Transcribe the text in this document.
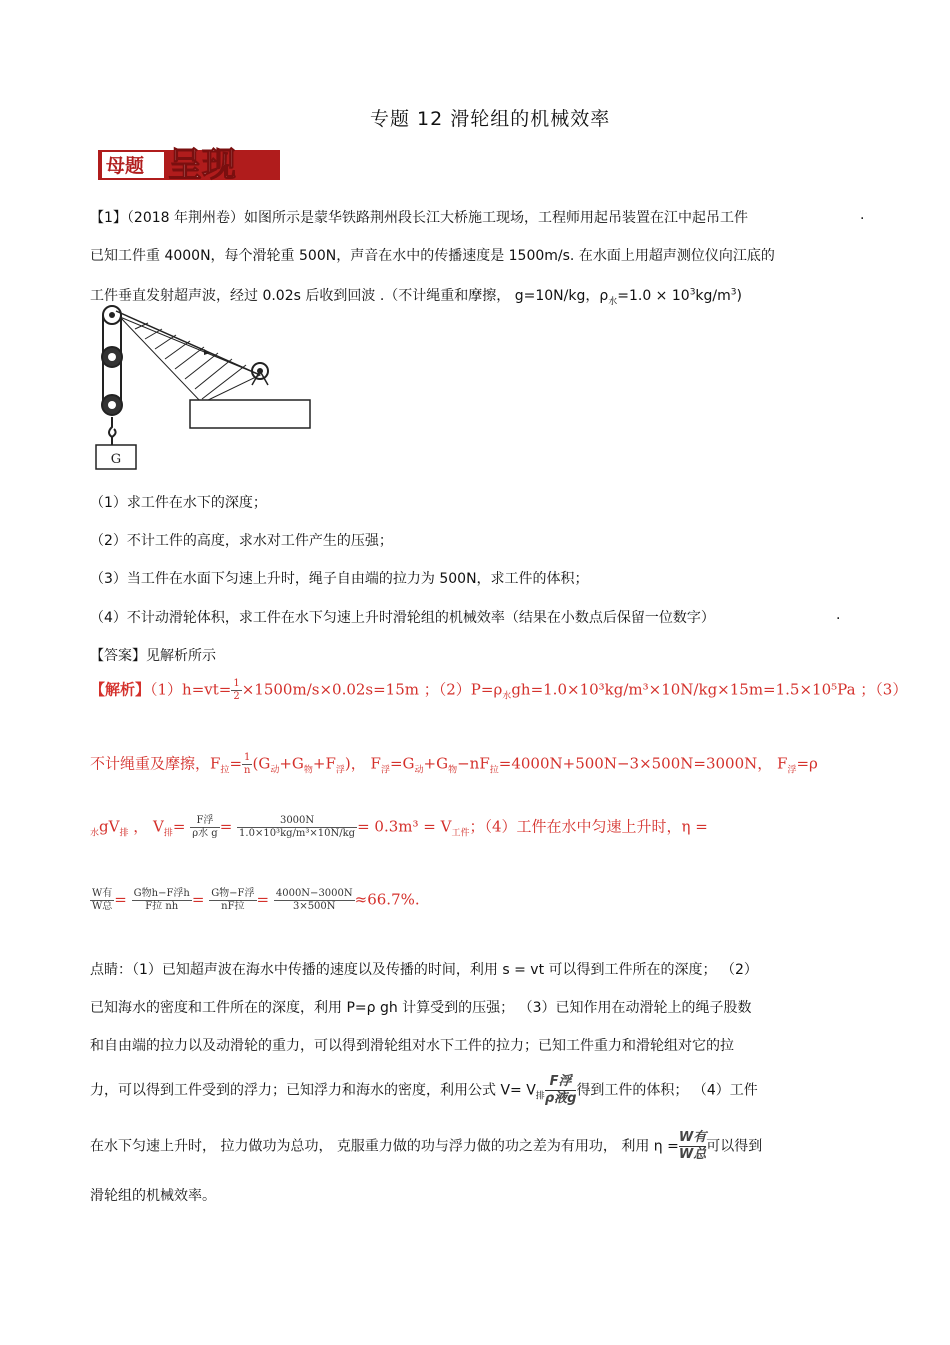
专题 12 滑轮组的机械效率
母题 呈现
【1】（2018 年荆州卷）如图所示是蒙华铁路荆州段长江大桥施工现场，工程师用起吊装置在江中起吊工件	.
已知工件重 4000N，每个滑轮重 500N，声音在水中的传播速度是 1500m/s. 在水面上用超声测位仪向江底的
工件垂直发射超声波，经过 0.02s 后收到回波 .（不计绳重和摩擦， g=10N/kg，$\rho_水=1.0 \times 10^3kg/m^3$)
G
（1）求工件在水下的深度；
（2）不计工件的高度，求水对工件产生的压强；
（3）当工件在水面下匀速上升时，绳子自由端的拉力为 500N，求工件的体积；
（4）不计动滑轮体积，求工件在水下匀速上升时滑轮组的机械效率（结果在小数点后保留一位数字）	.
【答案】见解析所示
【解析】$(1)h=vt= \frac{1}{2} \times 1500m/s\times 0.02s=15m$ ；$(2)P=\rho_水gh=1.0\times 10^3kg/m^3\times 10N/kg\times 15m=1.5\times 10^5Pa$ ；（3）
不计绳重及摩擦，$F_拉= \frac{1}{n} (G_动+G_物+F_浮)$， $F_浮=G_动+G_物-nF_拉=4000N+500N-3\times 500N=3000N$， $F_浮=\rho$
$_水gV_排$ ， $V_排= \frac{\text{F浮}}{\text{ρ水 g}} = \frac{3000N}{\text{1.0×10³kg/m³×10N/kg}} = 0.3m^3 = V_{工件}$；（4）工件在水中匀速上升时，η =
$\frac{\text{W有}}{\text{W总}} = \frac{\text{G物h−F浮h}}{\text{F拉 nh}} = \frac{\text{G物−F浮}}{\text{nF拉}} = \frac{4000N-3000N}{3\times 500N} \approx 66.7\%$.
点睛：（1）已知超声波在海水中传播的速度以及传播的时间，利用 s = vt 可以得到工件所在的深度； （2）
已知海水的密度和工件所在的深度，利用 P=ρ gh 计算受到的压强； （3）已知作用在动滑轮上的绳子股数
和自由端的拉力以及动滑轮的重力，可以得到滑轮组对水下工件的拉力；已知工件重力和滑轮组对它的拉
力，可以得到工件受到的浮力；已知浮力和海水的密度，利用公式 $V= V_排$
F浮
ρ液g 得到工件的体积； （4）工件
在水下匀速上升时， 拉力做功为总功， 克服重力做的功与浮力做的功之差为有用功， 利用 η =
W有
W总 可以得到
滑轮组的机械效率。
